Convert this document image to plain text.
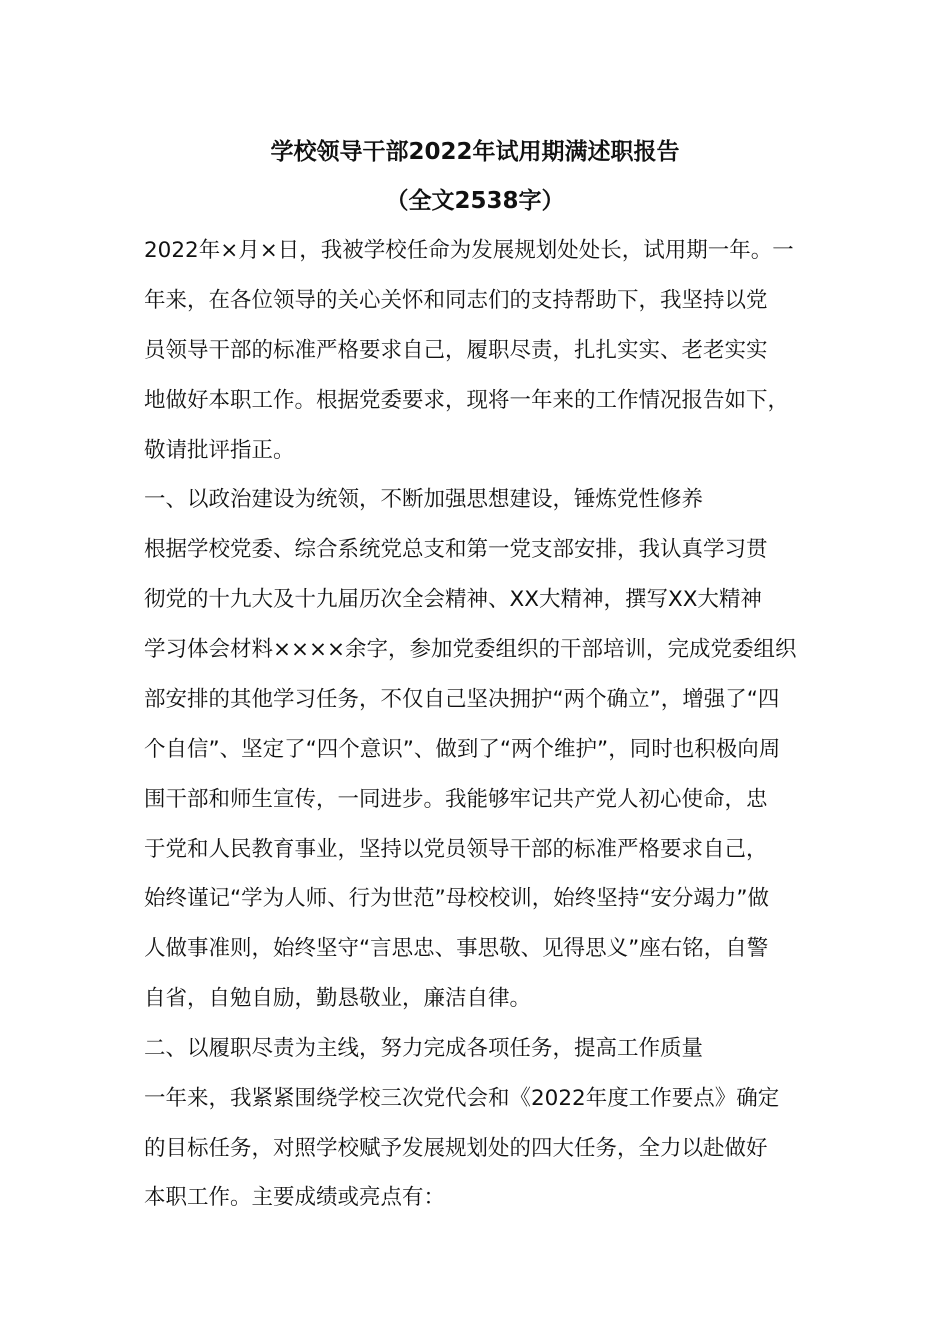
学校领导干部2022年试用期满述职报告
（全文2538字）
2022年×月×日，我被学校任命为发展规划处处长，试用期一年。一
年来，在各位领导的关心关怀和同志们的支持帮助下，我坚持以党
员领导干部的标准严格要求自己，履职尽责，扎扎实实、老老实实
地做好本职工作。根据党委要求，现将一年来的工作情况报告如下，
敬请批评指正。
一、以政治建设为统领，不断加强思想建设，锤炼党性修养
根据学校党委、综合系统党总支和第一党支部安排，我认真学习贯
彻党的十九大及十九届历次全会精神、XX大精神，撰写XX大精神
学习体会材料××××余字，参加党委组织的干部培训，完成党委组织
部安排的其他学习任务，不仅自己坚决拥护“两个确立”，增强了“四
个自信”、坚定了“四个意识”、做到了“两个维护”，同时也积极向周
围干部和师生宣传，一同进步。我能够牢记共产党人初心使命，忠
于党和人民教育事业，坚持以党员领导干部的标准严格要求自己，
始终谨记“学为人师、行为世范”母校校训，始终坚持“安分竭力”做
人做事准则，始终坚守“言思忠、事思敬、见得思义”座右铭，自警
自省，自勉自励，勤恳敬业，廉洁自律。
二、以履职尽责为主线，努力完成各项任务，提高工作质量
一年来，我紧紧围绕学校三次党代会和《2022年度工作要点》确定
的目标任务，对照学校赋予发展规划处的四大任务，全力以赴做好
本职工作。主要成绩或亮点有：
